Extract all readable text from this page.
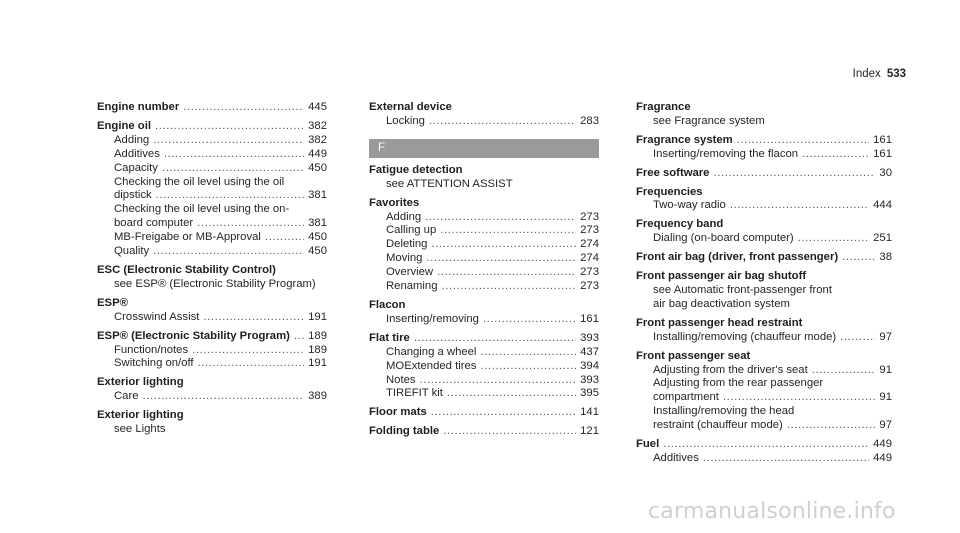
Index 533
Engine number .....	445
Engine oil .....	382
Adding .....	382
Additives .....	449
Capacity .....	450
Checking the oil level using the oil
dipstick .....	381
Checking the oil level using the on-
board computer .....	381
MB-Freigabe or MB-Approval .....	450
Quality .....	450
ESC (Electronic Stability Control)
see ESP® (Electronic Stability Program)
ESP®
Crosswind Assist .....	191
ESP® (Electronic Stability Program) ..... 189
Function/notes .....	189
Switching on/off .....	191
Exterior lighting
Care .....	389
Exterior lighting
see Lights
External device
Locking .....	283
F
Fatigue detection
see ATTENTION ASSIST
Favorites
Adding .....	273
Calling up .....	273
Deleting .....	274
Moving .....	274
Overview .....	273
Renaming .....	273
Flacon
Inserting/removing .....	161
Flat tire .....	393
Changing a wheel .....	437
MOExtended tires .....	394
Notes .....	393
TIREFIT kit .....	395
Floor mats .....	141
Folding table .....	121
Fragrance
see Fragrance system
Fragrance system .....	161
Inserting/removing the flacon .....	161
Free software .....	30
Frequencies
Two-way radio .....	444
Frequency band
Dialing (on-board computer) .....	251
Front air bag (driver, front passenger) .....	38
Front passenger air bag shutoff
see Automatic front-passenger front
air bag deactivation system
Front passenger head restraint
Installing/removing (chauffeur mode) .....	97
Front passenger seat
Adjusting from the driver's seat .....	91
Adjusting from the rear passenger
compartment .....	91
Installing/removing the head
restraint (chauffeur mode) .....	97
Fuel .....	449
Additives .....	449
carmanualsonline.info
